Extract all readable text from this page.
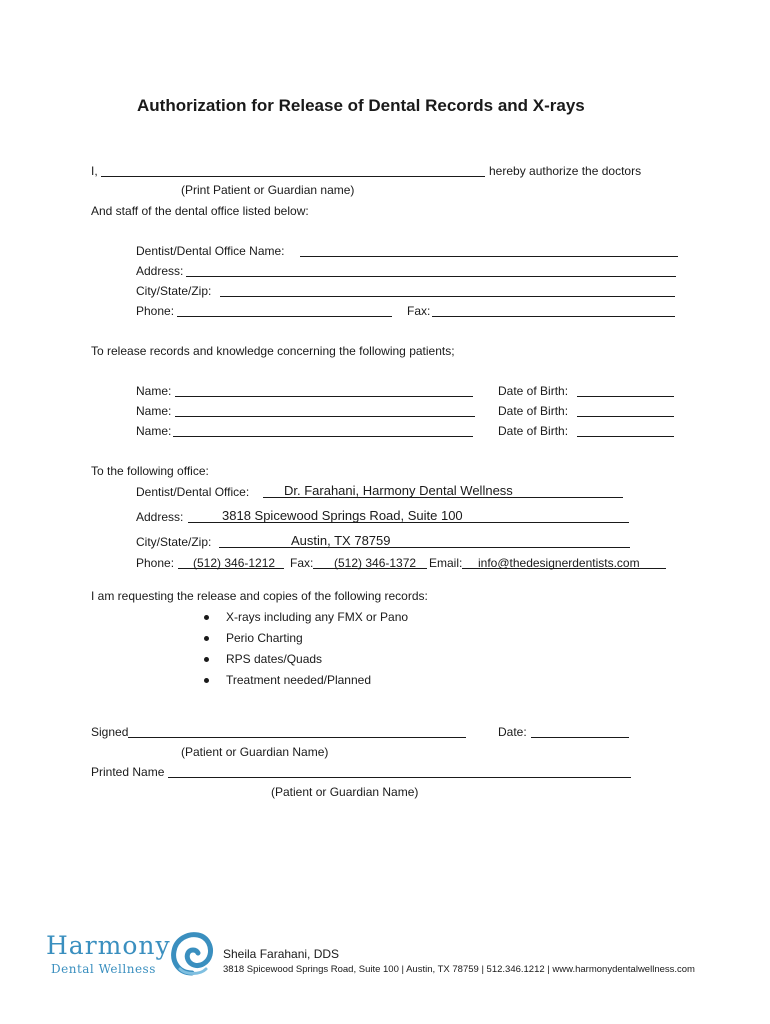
Authorization for Release of Dental Records and X-rays
I,	hereby authorize the doctors
(Print Patient or Guardian name)
And staff of the dental office listed below:
Dentist/Dental Office Name:
Address:
City/State/Zip:
Phone:	Fax:
To release records and knowledge concerning the following patients;
Name:	Date of Birth:
Name:	Date of Birth:
Name:	Date of Birth:
To the following office:
Dentist/Dental Office:	Dr. Farahani, Harmony Dental Wellness
Address:	3818 Spicewood Springs Road, Suite 100
City/State/Zip:	Austin, TX 78759
Phone: (512) 346-1212 Fax: (512) 346-1372 Email: info@thedesignerdentists.com
I am requesting the release and copies of the following records:
X-rays including any FMX or Pano
Perio Charting
RPS dates/Quads
Treatment needed/Planned
Signed	Date:
(Patient or Guardian Name)
Printed Name
(Patient or Guardian Name)
Harmony
Dental Wellness
Sheila Farahani, DDS
3818 Spicewood Springs Road, Suite 100 | Austin, TX 78759 | 512.346.1212 | www.harmonydentalwellness.com
